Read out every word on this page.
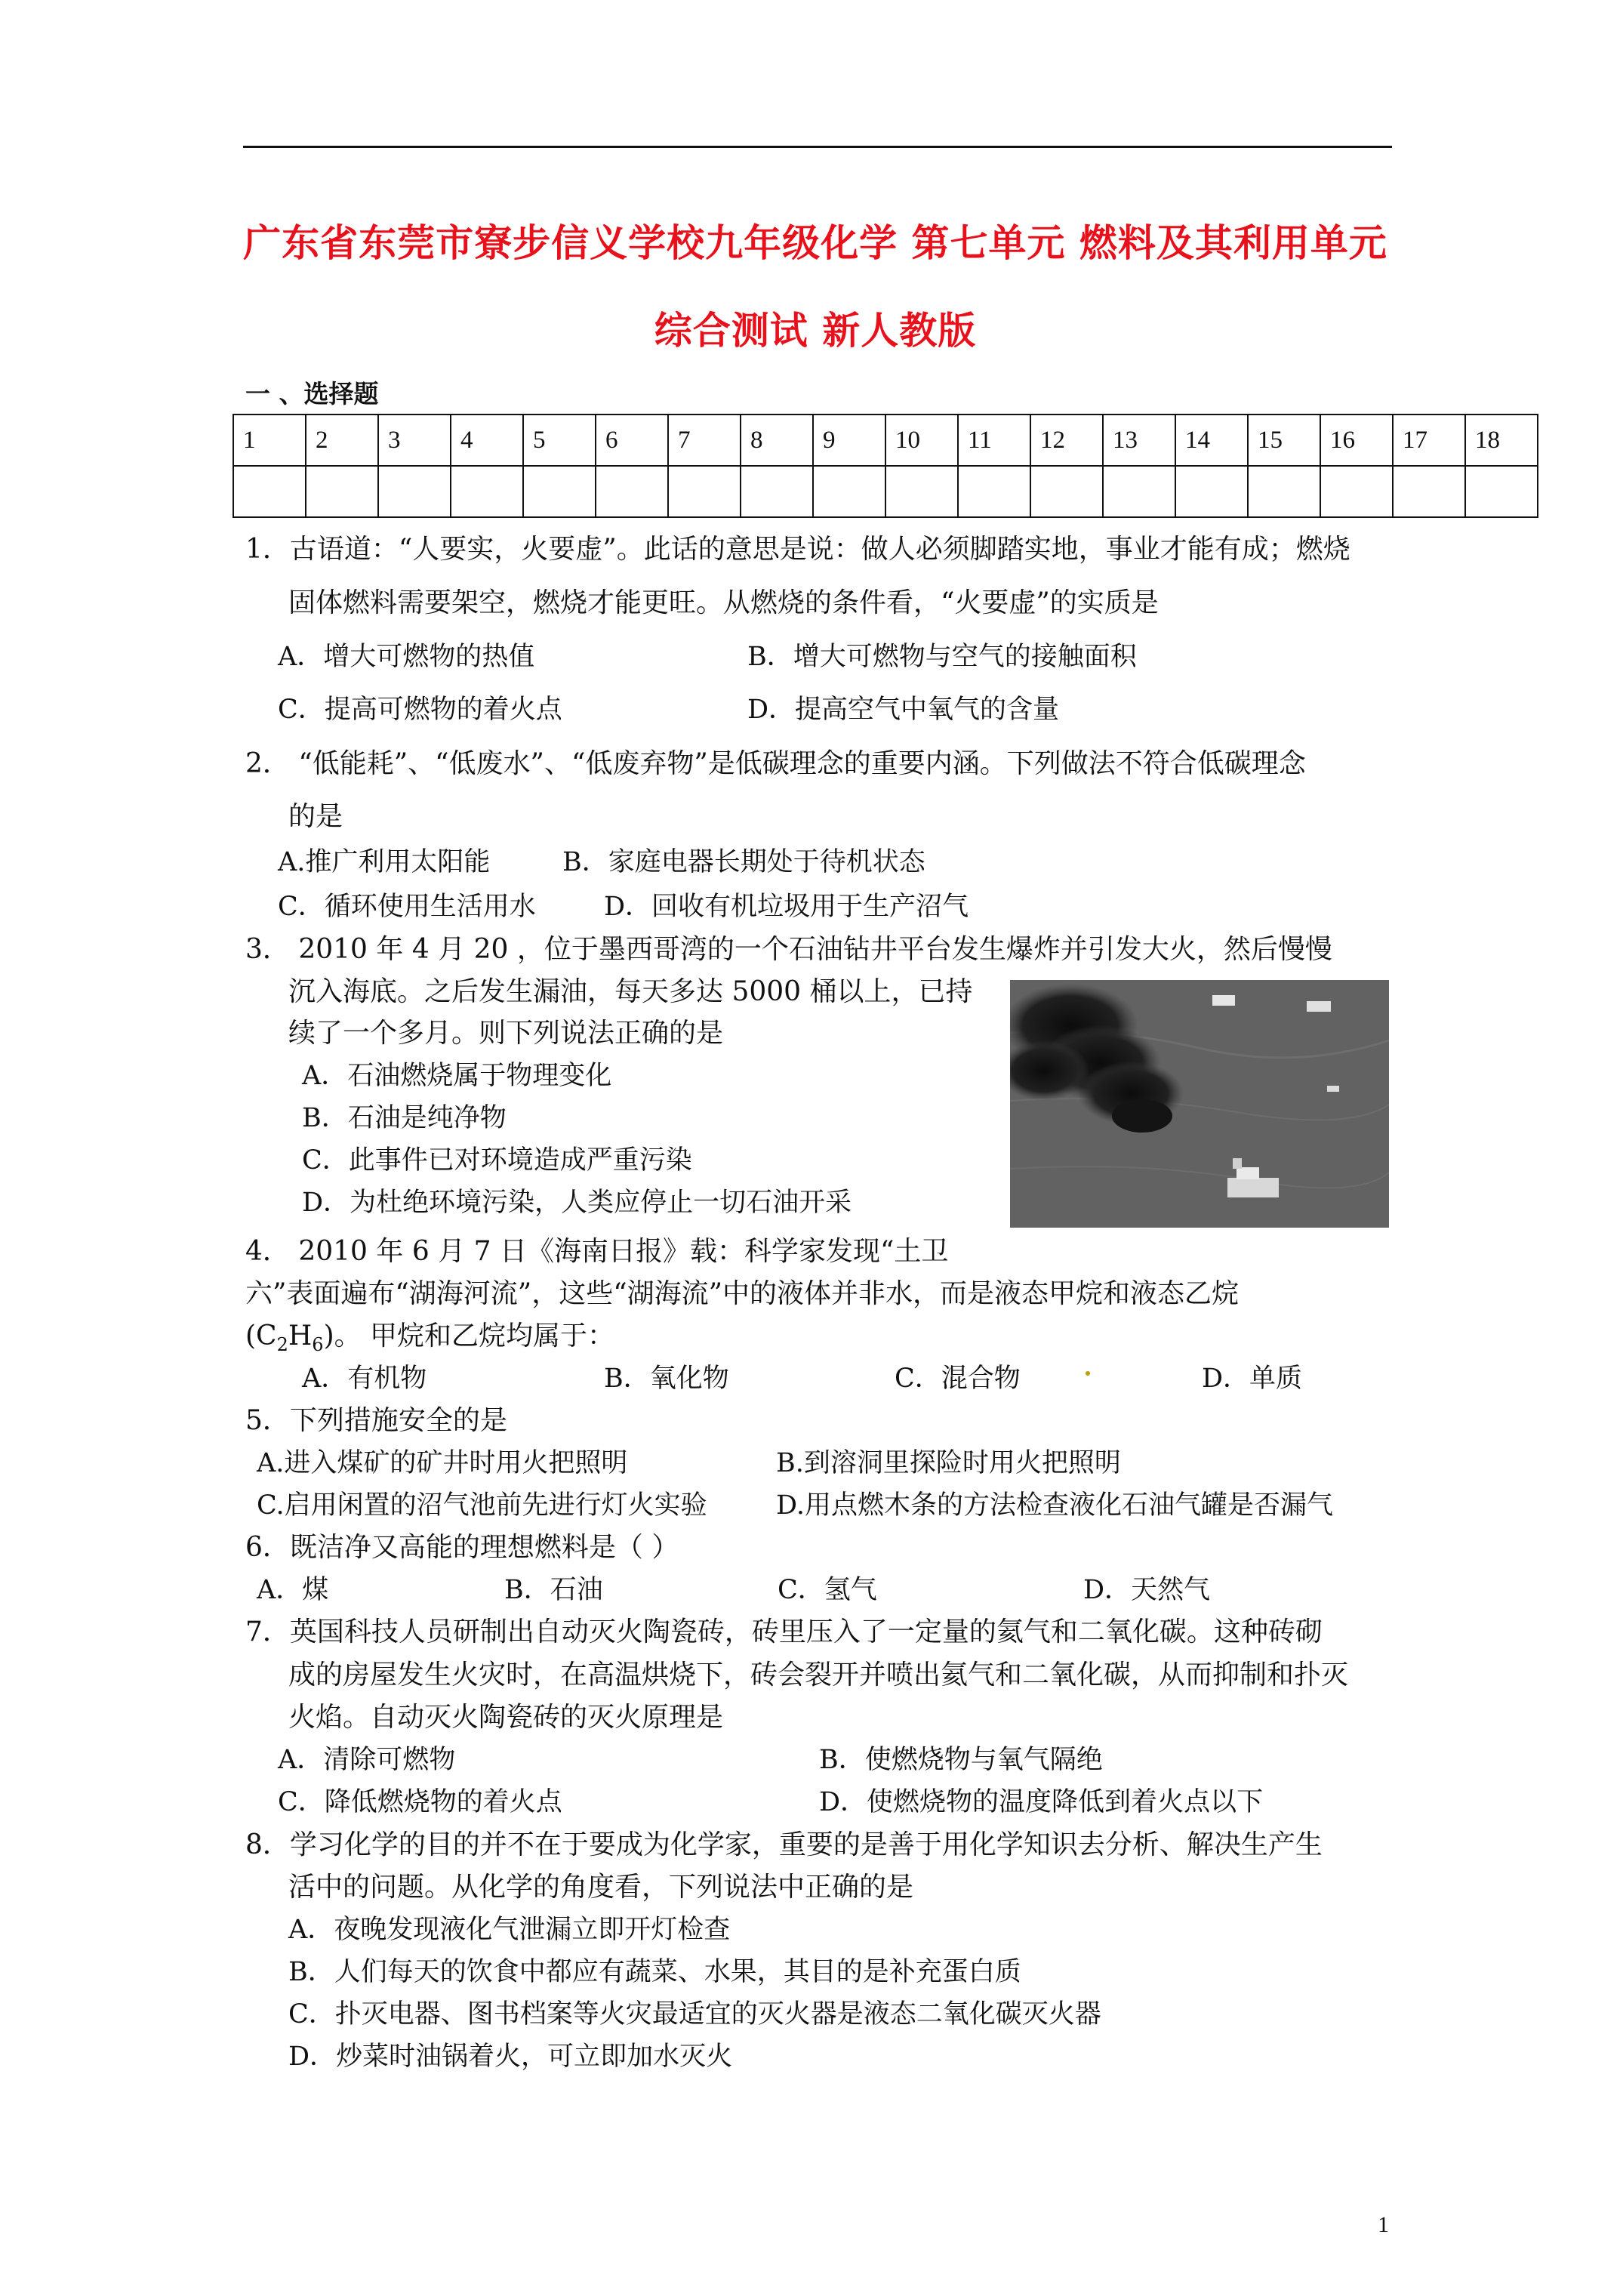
广东省东莞市寮步信义学校九年级化学 第七单元 燃料及其利用单元
综合测试 新人教版
一 、选择题
1	2	3	4	5	6	7	8	9	10	11	12	13	14	15	16	17	18

1．古语道：“人要实，火要虚”。此话的意思是说：做人必须脚踏实地，事业才能有成；燃烧
固体燃料需要架空，燃烧才能更旺。从燃烧的条件看，“火要虚”的实质是
A．增大可燃物的热值	B．增大可燃物与空气的接触面积
C．提高可燃物的着火点	D．提高空气中氧气的含量
2． “低能耗”、“低废水”、“低废弃物”是低碳理念的重要内涵。下列做法不符合低碳理念
的是
A.推广利用太阳能	B．家庭电器长期处于待机状态
C．循环使用生活用水	D．回收有机垃圾用于生产沼气
3． 2010 年 4 月 20 ，位于墨西哥湾的一个石油钻井平台发生爆炸并引发大火，然后慢慢
沉入海底。之后发生漏油，每天多达 5000 桶以上，已持
续了一个多月。则下列说法正确的是
A．石油燃烧属于物理变化
B．石油是纯净物
C．此事件已对环境造成严重污染
D．为杜绝环境污染，人类应停止一切石油开采
4． 2010 年 6 月 7 日《海南日报》载：科学家发现“土卫
六”表面遍布“湖海河流”，这些“湖海流”中的液体并非水，而是液态甲烷和液态乙烷
$(C_2H_6)$。 甲烷和乙烷均属于：
A．有机物	B．氧化物	C．混合物	D．单质
5．下列措施安全的是
A.进入煤矿的矿井时用火把照明	B.到溶洞里探险时用火把照明
C.启用闲置的沼气池前先进行灯火实验	D.用点燃木条的方法检查液化石油气罐是否漏气
6．既洁净又高能的理想燃料是（ ）
A．煤	B．石油	C．氢气	D．天然气
7．英国科技人员研制出自动灭火陶瓷砖，砖里压入了一定量的氦气和二氧化碳。这种砖砌
成的房屋发生火灾时，在高温烘烧下，砖会裂开并喷出氦气和二氧化碳，从而抑制和扑灭
火焰。自动灭火陶瓷砖的灭火原理是
A．清除可燃物	B．使燃烧物与氧气隔绝
C．降低燃烧物的着火点	D．使燃烧物的温度降低到着火点以下
8．学习化学的目的并不在于要成为化学家，重要的是善于用化学知识去分析、解决生产生
活中的问题。从化学的角度看，下列说法中正确的是
A．夜晚发现液化气泄漏立即开灯检查
B．人们每天的饮食中都应有蔬菜、水果，其目的是补充蛋白质
C．扑灭电器、图书档案等火灾最适宜的灭火器是液态二氧化碳灭火器
D．炒菜时油锅着火，可立即加水灭火
1
